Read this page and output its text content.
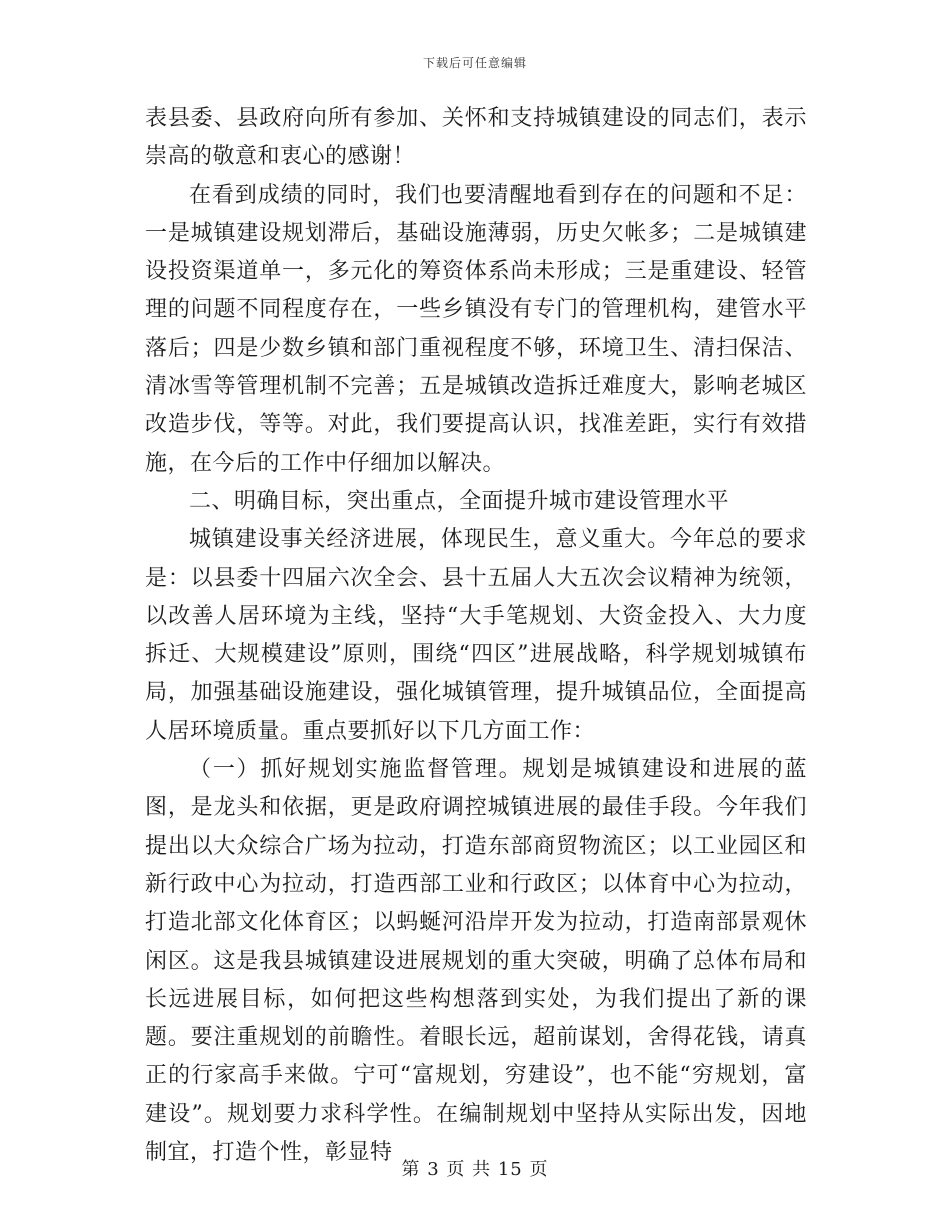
下载后可任意编辑

表县委、县政府向所有参加、关怀和支持城镇建设的同志们，表示崇高的敬意和衷心的感谢！

在看到成绩的同时，我们也要清醒地看到存在的问题和不足：一是城镇建设规划滞后，基础设施薄弱，历史欠帐多；二是城镇建设投资渠道单一，多元化的筹资体系尚未形成；三是重建设、轻管理的问题不同程度存在，一些乡镇没有专门的管理机构，建管水平落后；四是少数乡镇和部门重视程度不够，环境卫生、清扫保洁、清冰雪等管理机制不完善；五是城镇改造拆迁难度大，影响老城区改造步伐，等等。对此，我们要提高认识，找准差距，实行有效措施，在今后的工作中仔细加以解决。

二、明确目标，突出重点，全面提升城市建设管理水平

城镇建设事关经济进展，体现民生，意义重大。今年总的要求是：以县委十四届六次全会、县十五届人大五次会议精神为统领，以改善人居环境为主线，坚持“大手笔规划、大资金投入、大力度拆迁、大规模建设”原则，围绕“四区”进展战略，科学规划城镇布局，加强基础设施建设，强化城镇管理，提升城镇品位，全面提高人居环境质量。重点要抓好以下几方面工作：

（一）抓好规划实施监督管理。规划是城镇建设和进展的蓝图，是龙头和依据，更是政府调控城镇进展的最佳手段。今年我们提出以大众综合广场为拉动，打造东部商贸物流区；以工业园区和新行政中心为拉动，打造西部工业和行政区；以体育中心为拉动，打造北部文化体育区；以蚂蜒河沿岸开发为拉动，打造南部景观休闲区。这是我县城镇建设进展规划的重大突破，明确了总体布局和长远进展目标，如何把这些构想落到实处，为我们提出了新的课题。要注重规划的前瞻性。着眼长远，超前谋划，舍得花钱，请真正的行家高手来做。宁可“富规划，穷建设”，也不能“穷规划，富建设”。规划要力求科学性。在编制规划中坚持从实际出发，因地制宜，打造个性，彰显特

第 3 页 共 15 页
